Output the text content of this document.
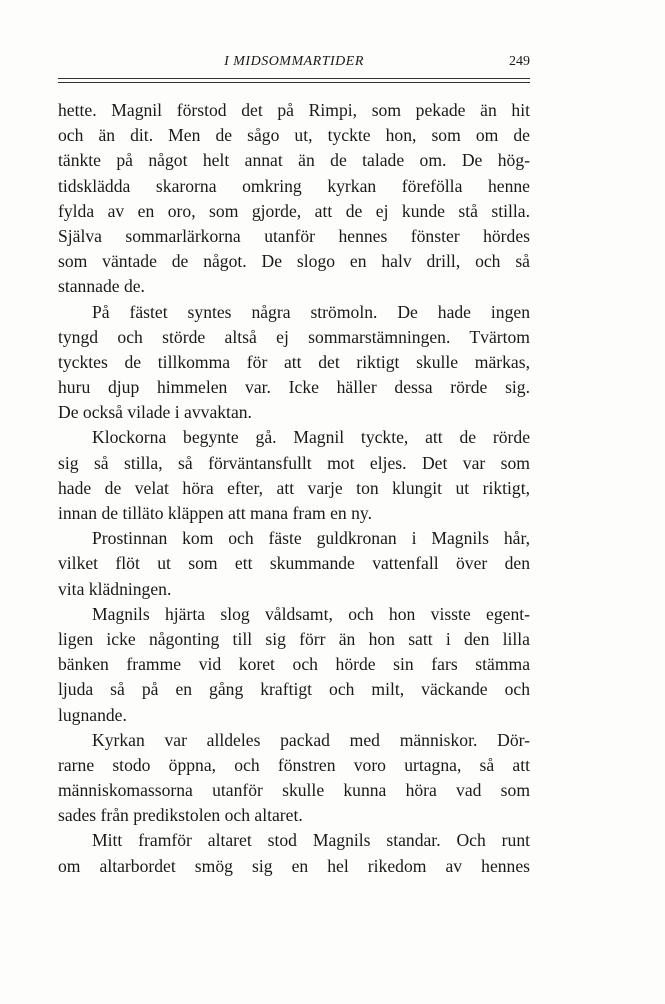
I MIDSOMMARTIDER	249
hette. Magnil förstod det på Rimpi, som pekade än hit
och än dit. Men de sågo ut, tyckte hon, som om de
tänkte på något helt annat än de talade om. De hög-
tidsklädda skarorna omkring kyrkan förefölla henne
fylda av en oro, som gjorde, att de ej kunde stå stilla.
Själva sommarlärkorna utanför hennes fönster hördes
som väntade de något. De slogo en halv drill, och så
stannade de.
På fästet syntes några strömoln. De hade ingen
tyngd och störde altså ej sommarstämningen. Tvärtom
tycktes de tillkomma för att det riktigt skulle märkas,
huru djup himmelen var. Icke häller dessa rörde sig.
De också vilade i avvaktan.
Klockorna begynte gå. Magnil tyckte, att de rörde
sig så stilla, så förväntansfullt mot eljes. Det var som
hade de velat höra efter, att varje ton klungit ut riktigt,
innan de tilläto kläppen att mana fram en ny.
Prostinnan kom och fäste guldkronan i Magnils hår,
vilket flöt ut som ett skummande vattenfall över den
vita klädningen.
Magnils hjärta slog våldsamt, och hon visste egent-
ligen icke någonting till sig förr än hon satt i den lilla
bänken framme vid koret och hörde sin fars stämma
ljuda så på en gång kraftigt och milt, väckande och
lugnande.
Kyrkan var alldeles packad med människor. Dör-
rarne stodo öppna, och fönstren voro urtagna, så att
människomassorna utanför skulle kunna höra vad som
sades från predikstolen och altaret.
Mitt framför altaret stod Magnils standar. Och runt
om altarbordet smög sig en hel rikedom av hennes
